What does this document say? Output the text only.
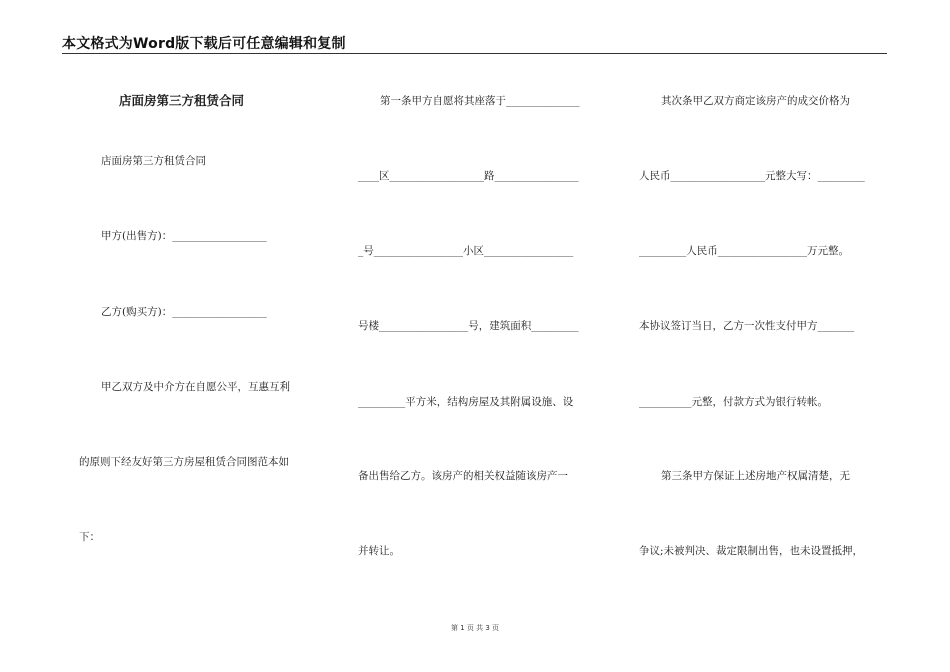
本文格式为Word版下载后可任意编辑和复制
店面房第三方租赁合同
店面房第三方租赁合同
甲方(出售方)：__________________
乙方(购买方)：__________________
甲乙双方及中介方在自愿公平，互惠互利
的原则下经友好第三方房屋租赁合同图范本如
下：
第一条甲方自愿将其座落于______________
____区__________________路________________
_号_________________小区_________________
号楼_________________号，建筑面积_________
_________平方米，结构房屋及其附属设施、设
备出售给乙方。该房产的相关权益随该房产一
并转让。
其次条甲乙双方商定该房产的成交价格为
人民币__________________元整大写：_________
_________人民币_________________万元整。
本协议签订当日，乙方一次性支付甲方_______
__________元整，付款方式为银行转帐。
第三条甲方保证上述房地产权属清楚，无
争议;未被判决、裁定限制出售，也未设置抵押，
第 1 页 共 3 页
